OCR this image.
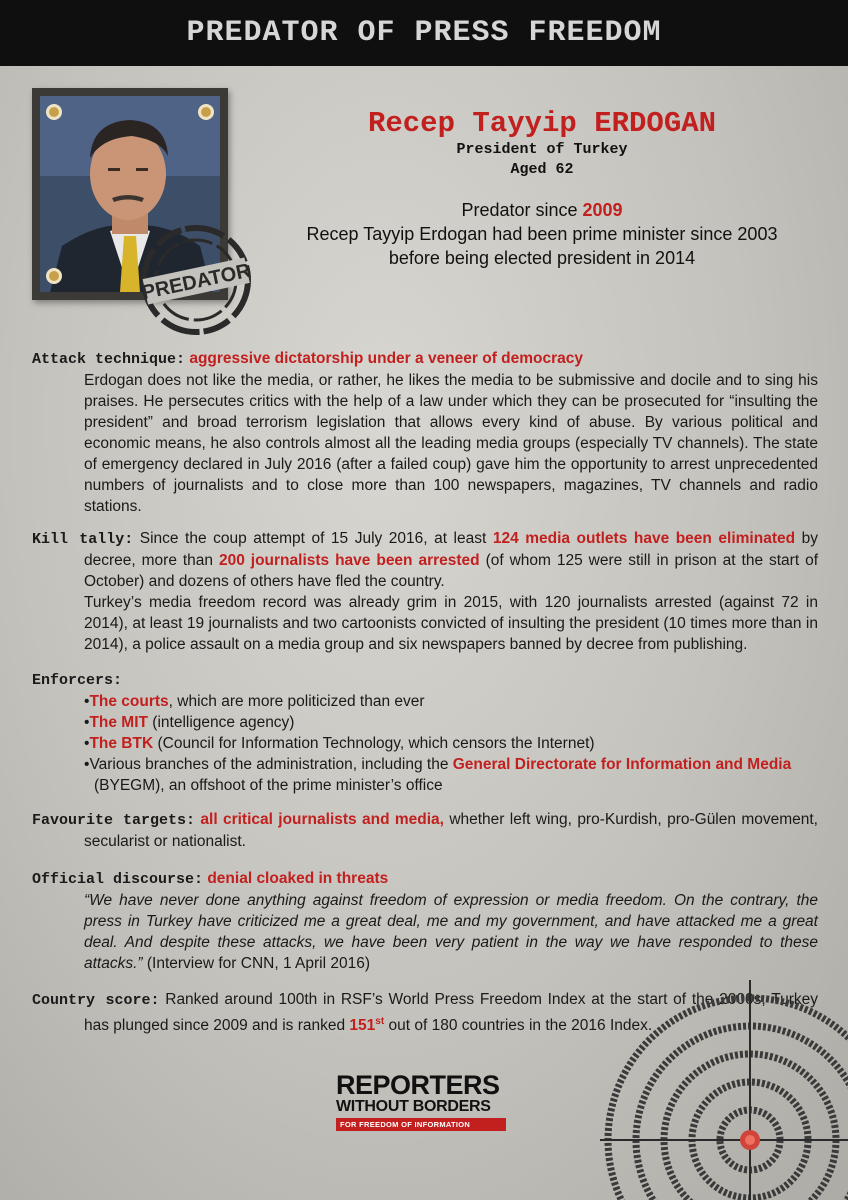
PREDATOR OF PRESS FREEDOM
PREDATOR
Recep Tayyip ERDOGAN
President of Turkey
Aged 62
Predator since 2009
Recep Tayyip Erdogan had been prime minister since 2003
before being elected president in 2014
Attack technique: aggressive dictatorship under a veneer of democracy
Erdogan does not like the media, or rather, he likes the media to be submissive and docile and to sing his praises. He persecutes critics with the help of a law under which they can be prosecuted for “insulting the president” and broad terrorism legislation that allows every kind of abuse. By various political and economic means, he also controls almost all the leading media groups (especially TV channels). The state of emergency declared in July 2016 (after a failed coup) gave him the opportunity to arrest unprecedented numbers of journalists and to close more than 100 newspapers, magazines, TV channels and radio stations.
Kill tally: Since the coup attempt of 15 July 2016, at least 124 media outlets have been eliminated by decree, more than 200 journalists have been arrested (of whom 125 were still in prison at the start of October) and dozens of others have fled the country.
Turkey’s media freedom record was already grim in 2015, with 120 journalists arrested (against 72 in 2014), at least 19 journalists and two cartoonists convicted of insulting the president (10 times more than in 2014), a police assault on a media group and six newspapers banned by decree from publishing.
Enforcers:
• The courts, which are more politicized than ever
• The MIT (intelligence agency)
• The BTK (Council for Information Technology, which censors the Internet)
• Various branches of the administration, including the General Directorate for Information and Media (BYEGM), an offshoot of the prime minister’s office
Favourite targets: all critical journalists and media, whether left wing, pro-Kurdish, pro-Gülen movement, secularist or nationalist.
Official discourse: denial cloaked in threats
“We have never done anything against freedom of expression or media freedom. On the contrary, the press in Turkey have criticized me a great deal, me and my government, and have attacked me a great deal. And despite these attacks, we have been very patient in the way we have responded to these attacks.” (Interview for CNN, 1 April 2016)
Country score: Ranked around 100th in RSF’s World Press Freedom Index at the start of the 2000s, Turkey has plunged since 2009 and is ranked 151st out of 180 countries in the 2016 Index.
REPORTERS
WITHOUT BORDERS
FOR FREEDOM OF INFORMATION
